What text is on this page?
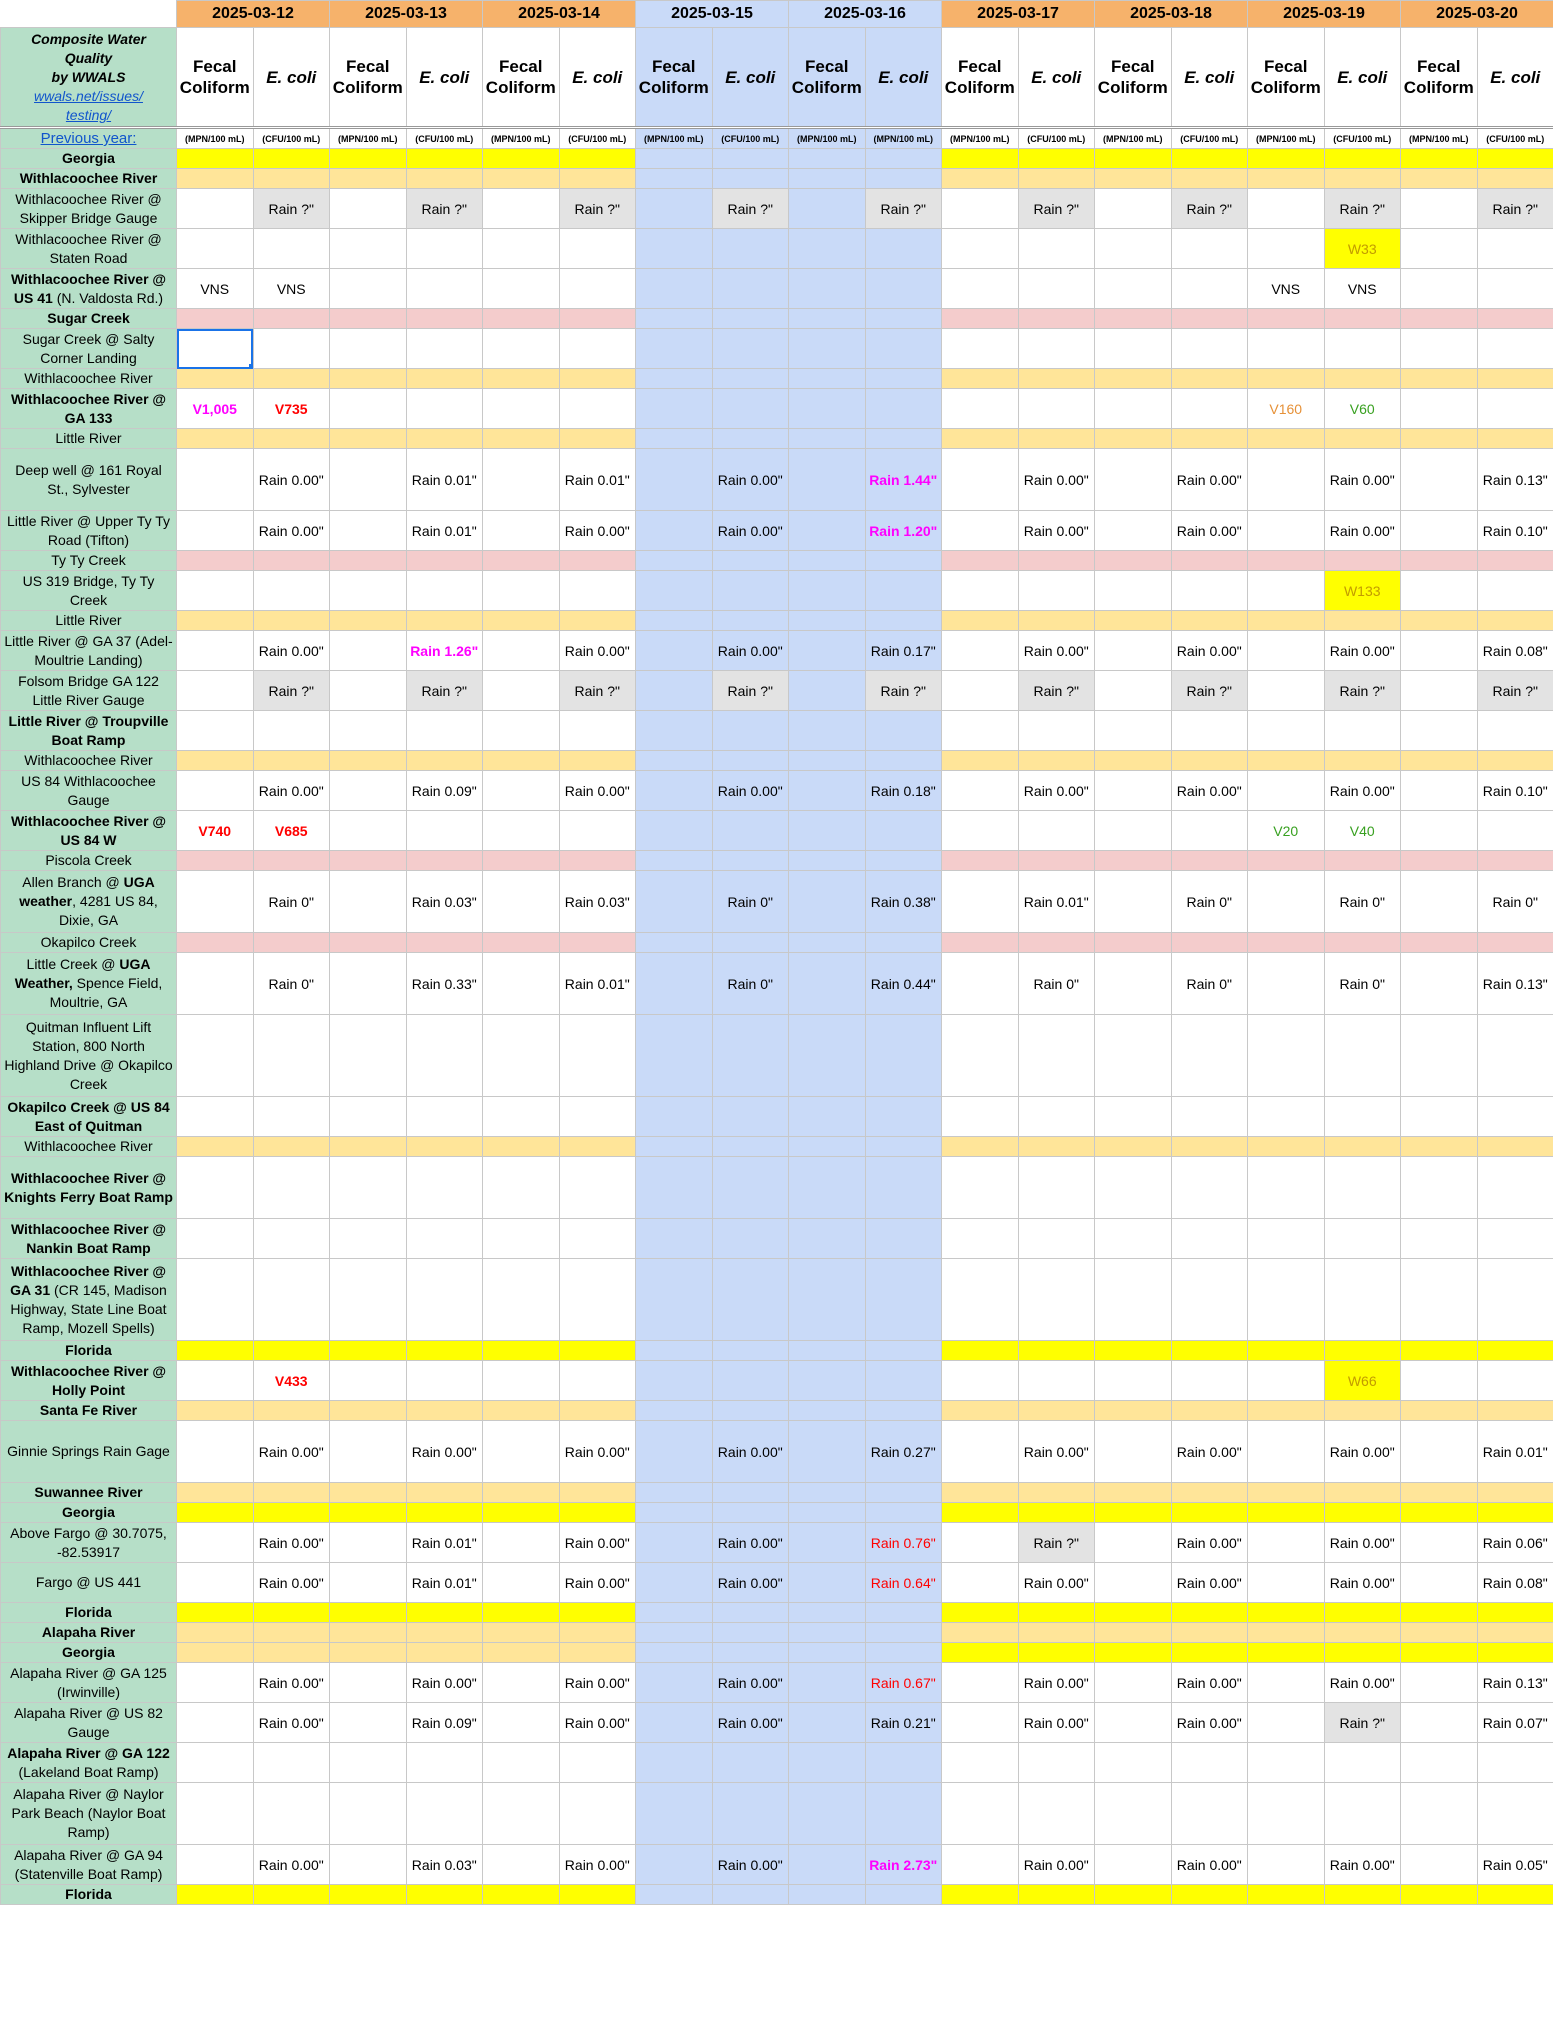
	2025-03-12		2025-03-13		2025-03-14		2025-03-15		2025-03-16		2025-03-17		2025-03-18		2025-03-19		2025-03-20	

Composite Water
Quality
by WWALS
wwals.net/issues/
testing/	Fecal Coliform	E. coli	Fecal Coliform	E. coli	Fecal Coliform	E. coli	Fecal Coliform	E. coli	Fecal Coliform	E. coli	Fecal Coliform	E. coli	Fecal Coliform	E. coli	Fecal Coliform	E. coli	Fecal Coliform	E. coli
Previous year:	(MPN/100 mL)	(CFU/100 mL)	(MPN/100 mL)	(CFU/100 mL)	(MPN/100 mL)	(CFU/100 mL)	(MPN/100 mL)	(CFU/100 mL)	(MPN/100 mL)	(MPN/100 mL)	(MPN/100 mL)	(CFU/100 mL)	(MPN/100 mL)	(CFU/100 mL)	(MPN/100 mL)	(CFU/100 mL)	(MPN/100 mL)	(CFU/100 mL)
Georgia																		
Withlacoochee River																		
Withlacoochee River @ Skipper Bridge Gauge		Rain ?"		Rain ?"		Rain ?"		Rain ?"		Rain ?"		Rain ?"		Rain ?"		Rain ?"		Rain ?"
Withlacoochee River @ Staten Road																W33		
Withlacoochee River @ US 41 (N. Valdosta Rd.)	VNS	VNS													VNS	VNS		
Sugar Creek																		
Sugar Creek @ Salty Corner Landing																		
Withlacoochee River																		
Withlacoochee River @ GA 133	V1,005	V735													V160	V60		
Little River																		
Deep well @ 161 Royal St., Sylvester		Rain 0.00"		Rain 0.01"		Rain 0.01"		Rain 0.00"		Rain 1.44"		Rain 0.00"		Rain 0.00"		Rain 0.00"		Rain 0.13"
Little River @ Upper Ty Ty Road (Tifton)		Rain 0.00"		Rain 0.01"		Rain 0.00"		Rain 0.00"		Rain 1.20"		Rain 0.00"		Rain 0.00"		Rain 0.00"		Rain 0.10"
Ty Ty Creek																		
US 319 Bridge, Ty Ty Creek																W133		
Little River																		
Little River @ GA 37 (Adel-Moultrie Landing)		Rain 0.00"		Rain 1.26"		Rain 0.00"		Rain 0.00"		Rain 0.17"		Rain 0.00"		Rain 0.00"		Rain 0.00"		Rain 0.08"
Folsom Bridge GA 122 Little River Gauge		Rain ?"		Rain ?"		Rain ?"		Rain ?"		Rain ?"		Rain ?"		Rain ?"		Rain ?"		Rain ?"
Little River @ Troupville Boat Ramp																		
Withlacoochee River																		
US 84 Withlacoochee Gauge		Rain 0.00"		Rain 0.09"		Rain 0.00"		Rain 0.00"		Rain 0.18"		Rain 0.00"		Rain 0.00"		Rain 0.00"		Rain 0.10"
Withlacoochee River @ US 84 W	V740	V685													V20	V40		
Piscola Creek																		
Allen Branch @ UGA weather, 4281 US 84, Dixie, GA		Rain 0"		Rain 0.03"		Rain 0.03"		Rain 0"		Rain 0.38"		Rain 0.01"		Rain 0"		Rain 0"		Rain 0"
Okapilco Creek																		
Little Creek @ UGA Weather, Spence Field, Moultrie, GA		Rain 0"		Rain 0.33"		Rain 0.01"		Rain 0"		Rain 0.44"		Rain 0"		Rain 0"		Rain 0"		Rain 0.13"
Quitman Influent Lift Station, 800 North Highland Drive @ Okapilco Creek																		
Okapilco Creek @ US 84 East of Quitman																		
Withlacoochee River																		
Withlacoochee River @ Knights Ferry Boat Ramp																		
Withlacoochee River @ Nankin Boat Ramp																		
Withlacoochee River @ GA 31 (CR 145, Madison Highway, State Line Boat Ramp, Mozell Spells)																		
Florida																		
Withlacoochee River @ Holly Point		V433														W66		
Santa Fe River																		
Ginnie Springs Rain Gage		Rain 0.00"		Rain 0.00"		Rain 0.00"		Rain 0.00"		Rain 0.27"		Rain 0.00"		Rain 0.00"		Rain 0.00"		Rain 0.01"
Suwannee River																		
Georgia																		
Above Fargo @ 30.7075, -82.53917		Rain 0.00"		Rain 0.01"		Rain 0.00"		Rain 0.00"		Rain 0.76"		Rain ?"		Rain 0.00"		Rain 0.00"		Rain 0.06"
Fargo @ US 441		Rain 0.00"		Rain 0.01"		Rain 0.00"		Rain 0.00"		Rain 0.64"		Rain 0.00"		Rain 0.00"		Rain 0.00"		Rain 0.08"
Florida																		
Alapaha River																		
Georgia																		
Alapaha River @ GA 125 (Irwinville)		Rain 0.00"		Rain 0.00"		Rain 0.00"		Rain 0.00"		Rain 0.67"		Rain 0.00"		Rain 0.00"		Rain 0.00"		Rain 0.13"
Alapaha River @ US 82 Gauge		Rain 0.00"		Rain 0.09"		Rain 0.00"		Rain 0.00"		Rain 0.21"		Rain 0.00"		Rain 0.00"		Rain ?"		Rain 0.07"
Alapaha River @ GA 122 (Lakeland Boat Ramp)																		
Alapaha River @ Naylor Park Beach (Naylor Boat Ramp)																		
Alapaha River @ GA 94 (Statenville Boat Ramp)		Rain 0.00"		Rain 0.03"		Rain 0.00"		Rain 0.00"		Rain 2.73"		Rain 0.00"		Rain 0.00"		Rain 0.00"		Rain 0.05"
Florida																		
